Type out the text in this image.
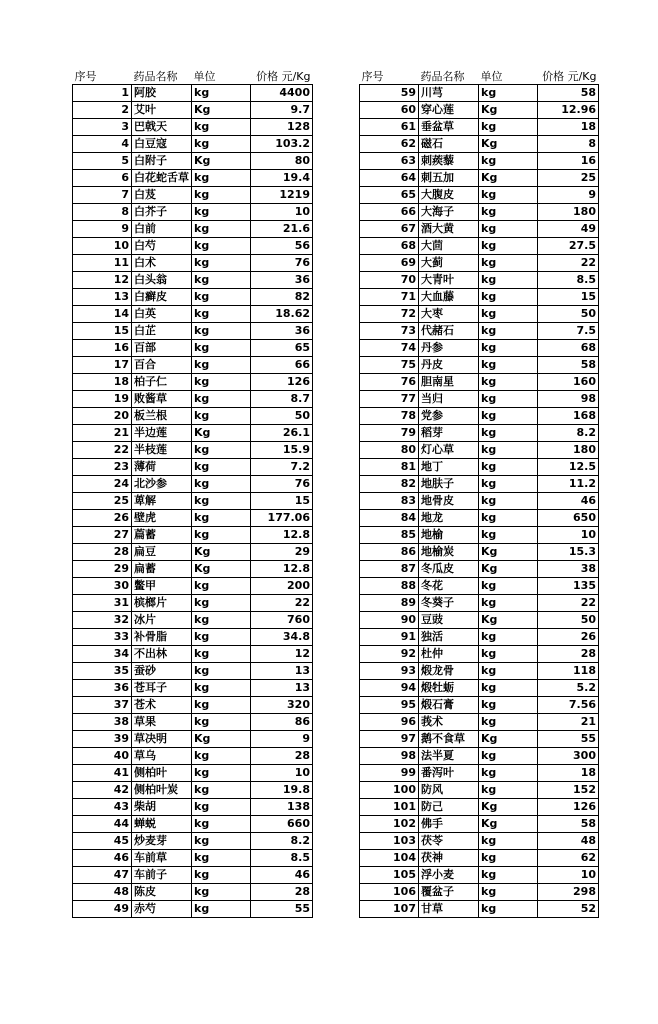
序号	药品名称	单位	价格 元/Kg
1	阿胶	kg	4400
2	艾叶	Kg	9.7
3	巴戟天	kg	128
4	白豆寇	kg	103.2
5	白附子	Kg	80
6	白花蛇舌草	kg	19.4
7	白芨	kg	1219
8	白芥子	kg	10
9	白前	kg	21.6
10	白芍	kg	56
11	白术	kg	76
12	白头翁	kg	36
13	白癣皮	kg	82
14	白英	kg	18.62
15	白芷	kg	36
16	百部	kg	65
17	百合	kg	66
18	柏子仁	kg	126
19	败酱草	kg	8.7
20	板兰根	kg	50
21	半边莲	Kg	26.1
22	半枝莲	kg	15.9
23	薄荷	kg	7.2
24	北沙参	kg	76
25	萆解	kg	15
26	壁虎	kg	177.06
27	萹蓄	kg	12.8
28	扁豆	Kg	29
29	扁蓄	Kg	12.8
30	鳖甲	kg	200
31	槟榔片	kg	22
32	冰片	kg	760
33	补骨脂	kg	34.8
34	不出林	kg	12
35	蚕砂	kg	13
36	苍耳子	kg	13
37	苍术	kg	320
38	草果	kg	86
39	草决明	Kg	9
40	草乌	kg	28
41	侧柏叶	kg	10
42	侧柏叶炭	kg	19.8
43	柴胡	kg	138
44	蝉蜕	kg	660
45	炒麦芽	kg	8.2
46	车前草	kg	8.5
47	车前子	kg	46
48	陈皮	kg	28
49	赤芍	kg	55
序号	药品名称	单位	价格 元/Kg
59	川芎	kg	58
60	穿心莲	Kg	12.96
61	垂盆草	kg	18
62	磁石	Kg	8
63	刺蒺藜	kg	16
64	刺五加	Kg	25
65	大腹皮	kg	9
66	大海子	kg	180
67	酒大黄	kg	49
68	大茴	kg	27.5
69	大蓟	kg	22
70	大青叶	kg	8.5
71	大血藤	kg	15
72	大枣	kg	50
73	代赭石	kg	7.5
74	丹参	kg	68
75	丹皮	kg	58
76	胆南星	kg	160
77	当归	kg	98
78	党参	kg	168
79	稻芽	kg	8.2
80	灯心草	kg	180
81	地丁	kg	12.5
82	地肤子	kg	11.2
83	地骨皮	kg	46
84	地龙	kg	650
85	地榆	kg	10
86	地榆炭	Kg	15.3
87	冬瓜皮	Kg	38
88	冬花	kg	135
89	冬葵子	kg	22
90	豆豉	Kg	50
91	独活	kg	26
92	杜仲	kg	28
93	煅龙骨	kg	118
94	煅牡蛎	kg	5.2
95	煅石膏	kg	7.56
96	莪术	kg	21
97	鹅不食草	Kg	55
98	法半夏	kg	300
99	番泻叶	kg	18
100	防风	kg	152
101	防己	Kg	126
102	佛手	Kg	58
103	茯苓	kg	48
104	茯神	kg	62
105	浮小麦	kg	10
106	覆盆子	kg	298
107	甘草	kg	52
